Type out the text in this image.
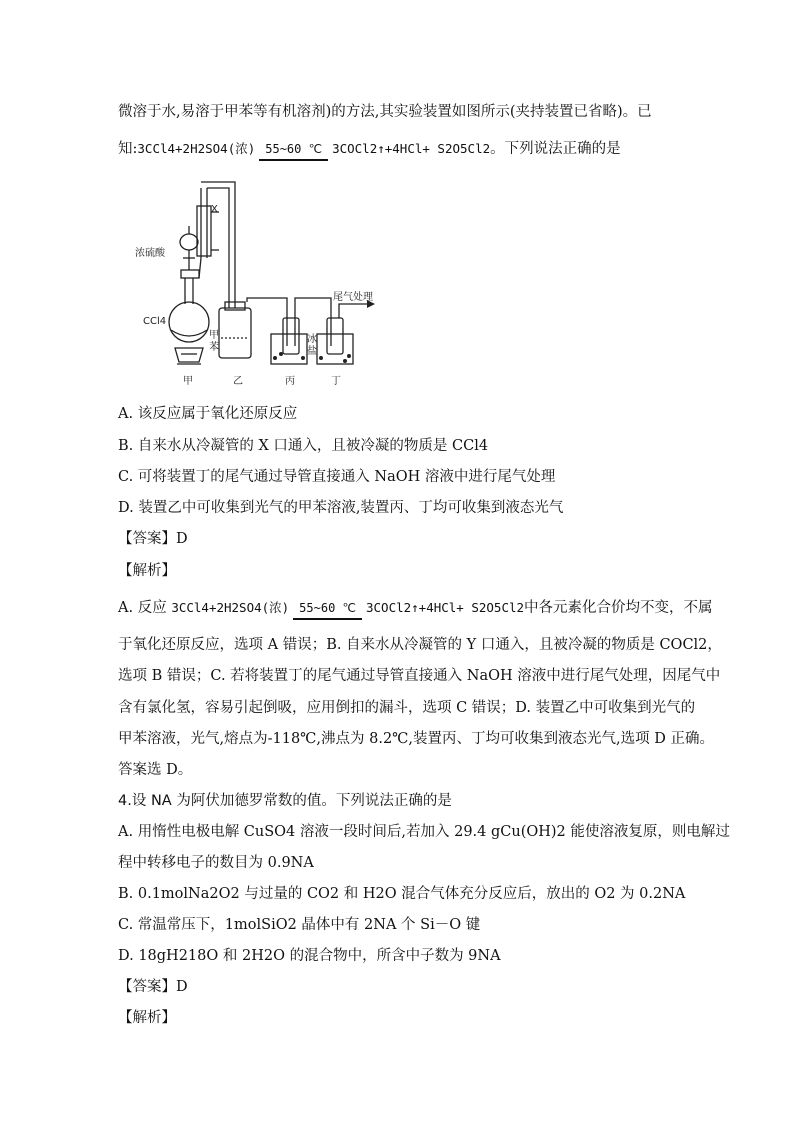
微溶于水,易溶于甲苯等有机溶剂)的方法,其实验装置如图所示(夹持装置已省略)。已
知:3CCl4+2H2SO4(浓) 55~60 ℃ 3COCl2↑+4HCl+ S2O5Cl2。下列说法正确的是
X
浓硫酸
CCl4
甲
苯
冰
盐
尾气处理
甲	乙	丙	丁
A. 该反应属于氧化还原反应
B. 自来水从冷凝管的 X 口通入，且被冷凝的物质是 CCl4
C. 可将装置丁的尾气通过导管直接通入 NaOH 溶液中进行尾气处理
D. 装置乙中可收集到光气的甲苯溶液,装置丙、丁均可收集到液态光气
【答案】D
【解析】
A. 反应 3CCl4+2H2SO4(浓) 55~60 ℃ 3COCl2↑+4HCl+ S2O5Cl2中各元素化合价均不变，不属
于氧化还原反应，选项 A 错误；B. 自来水从冷凝管的 Y 口通入，且被冷凝的物质是 COCl2，
选项 B 错误；C. 若将装置丁的尾气通过导管直接通入 NaOH 溶液中进行尾气处理，因尾气中
含有氯化氢，容易引起倒吸，应用倒扣的漏斗，选项 C 错误；D. 装置乙中可收集到光气的
甲苯溶液，光气,熔点为-118℃,沸点为 8.2℃,装置丙、丁均可收集到液态光气,选项 D 正确。
答案选 D。
4.设 NA 为阿伏加德罗常数的值。下列说法正确的是
A. 用惰性电极电解 CuSO4 溶液一段时间后,若加入 29.4 gCu(OH)2 能使溶液复原，则电解过
程中转移电子的数目为 0.9NA
B. 0.1molNa2O2 与过量的 CO2 和 H2O 混合气体充分反应后，放出的 O2 为 0.2NA
C. 常温常压下，1molSiO2 晶体中有 2NA 个 Si－O 键
D. 18gH218O 和 2H2O 的混合物中，所含中子数为 9NA
【答案】D
【解析】
